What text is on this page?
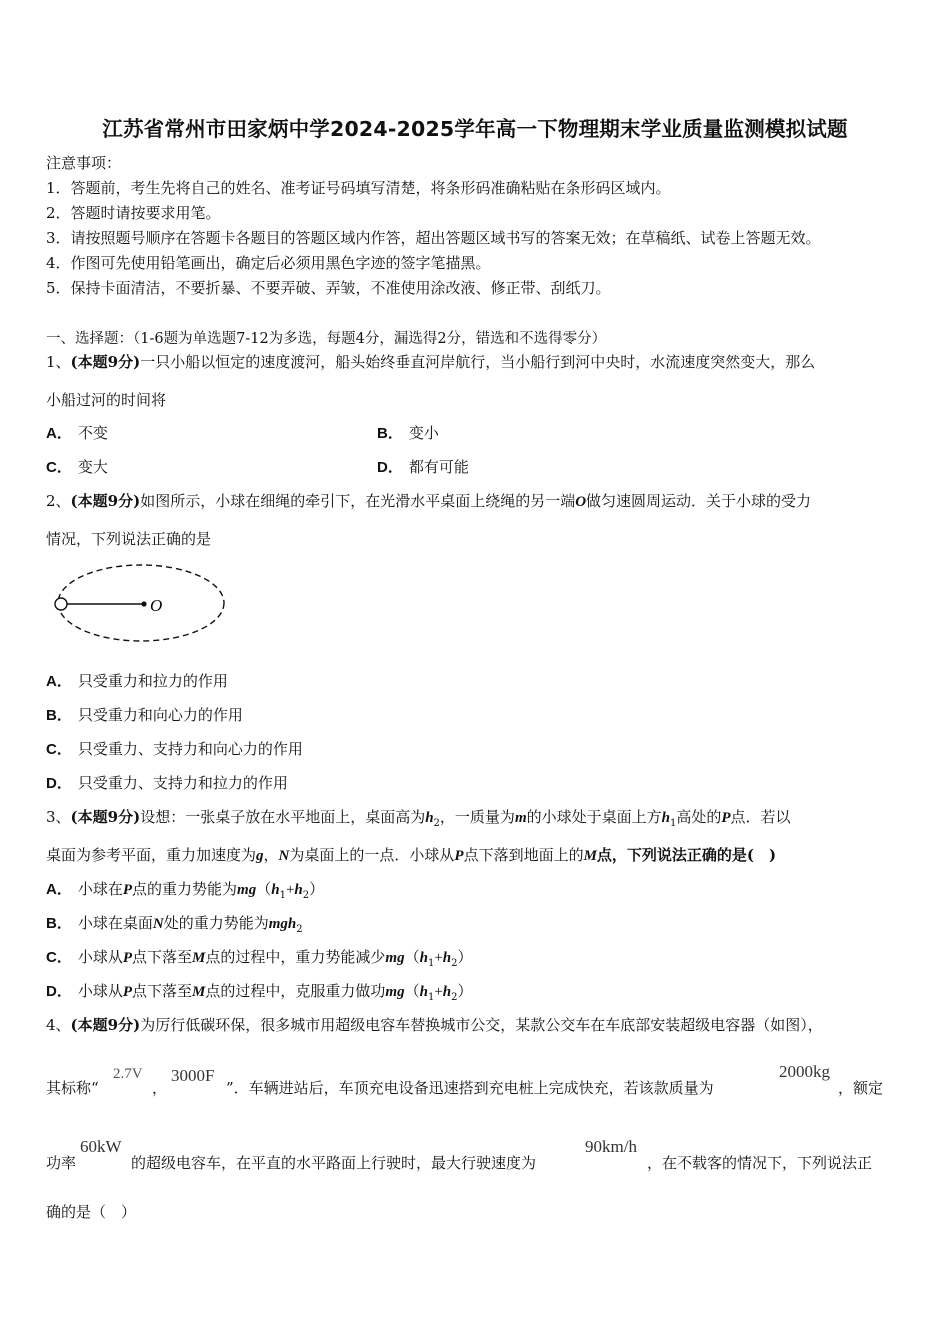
江苏省常州市田家炳中学2024-2025学年高一下物理期末学业质量监测模拟试题
注意事项：
1．答题前，考生先将自己的姓名、准考证号码填写清楚，将条形码准确粘贴在条形码区域内。
2．答题时请按要求用笔。
3．请按照题号顺序在答题卡各题目的答题区域内作答，超出答题区域书写的答案无效；在草稿纸、试卷上答题无效。
4．作图可先使用铅笔画出，确定后必须用黑色字迹的签字笔描黑。
5．保持卡面清洁，不要折暴、不要弄破、弄皱，不准使用涂改液、修正带、刮纸刀。
一、选择题：（1-6题为单选题7-12为多选，每题4分，漏选得2分，错选和不选得零分）
1、(本题9分)一只小船以恒定的速度渡河，船头始终垂直河岸航行，当小船行到河中央时，水流速度突然变大，那么
小船过河的时间将
A． 不变	B． 变小
C． 变大	D． 都有可能
2、(本题9分)如图所示，小球在细绳的牵引下，在光滑水平桌面上绕绳的另一端O做匀速圆周运动．关于小球的受力
情况，下列说法正确的是
O
A． 只受重力和拉力的作用
B． 只受重力和向心力的作用
C． 只受重力、支持力和向心力的作用
D． 只受重力、支持力和拉力的作用
3、(本题9分)设想：一张桌子放在水平地面上，桌面高为$h_2$，一质量为m的小球处于桌面上方$h_1$高处的P点．若以
桌面为参考平面，重力加速度为g，N为桌面上的一点．小球从P点下落到地面上的M点，下列说法正确的是(　)
A． 小球在P点的重力势能为$mg(h_1+h_2)$
B． 小球在桌面N处的重力势能为mgh$_2$
C． 小球从P点下落至M点的过程中，重力势能减少$mg(h_1+h_2)$
D． 小球从P点下落至M点的过程中，克服重力做功$mg(h_1+h_2)$
4、(本题9分)为厉行低碳环保，很多城市用超级电容车替换城市公交，某款公交车在车底部安装超级电容器（如图），
其标称“
2.7V
，
3000F
”．车辆进站后，车顶充电设备迅速搭到充电桩上完成快充，若该款质量为
2000kg
，额定
功率
60kW
的超级电容车，在平直的水平路面上行驶时，最大行驶速度为
90km/h
，在不载客的情况下，下列说法正
确的是（　）
